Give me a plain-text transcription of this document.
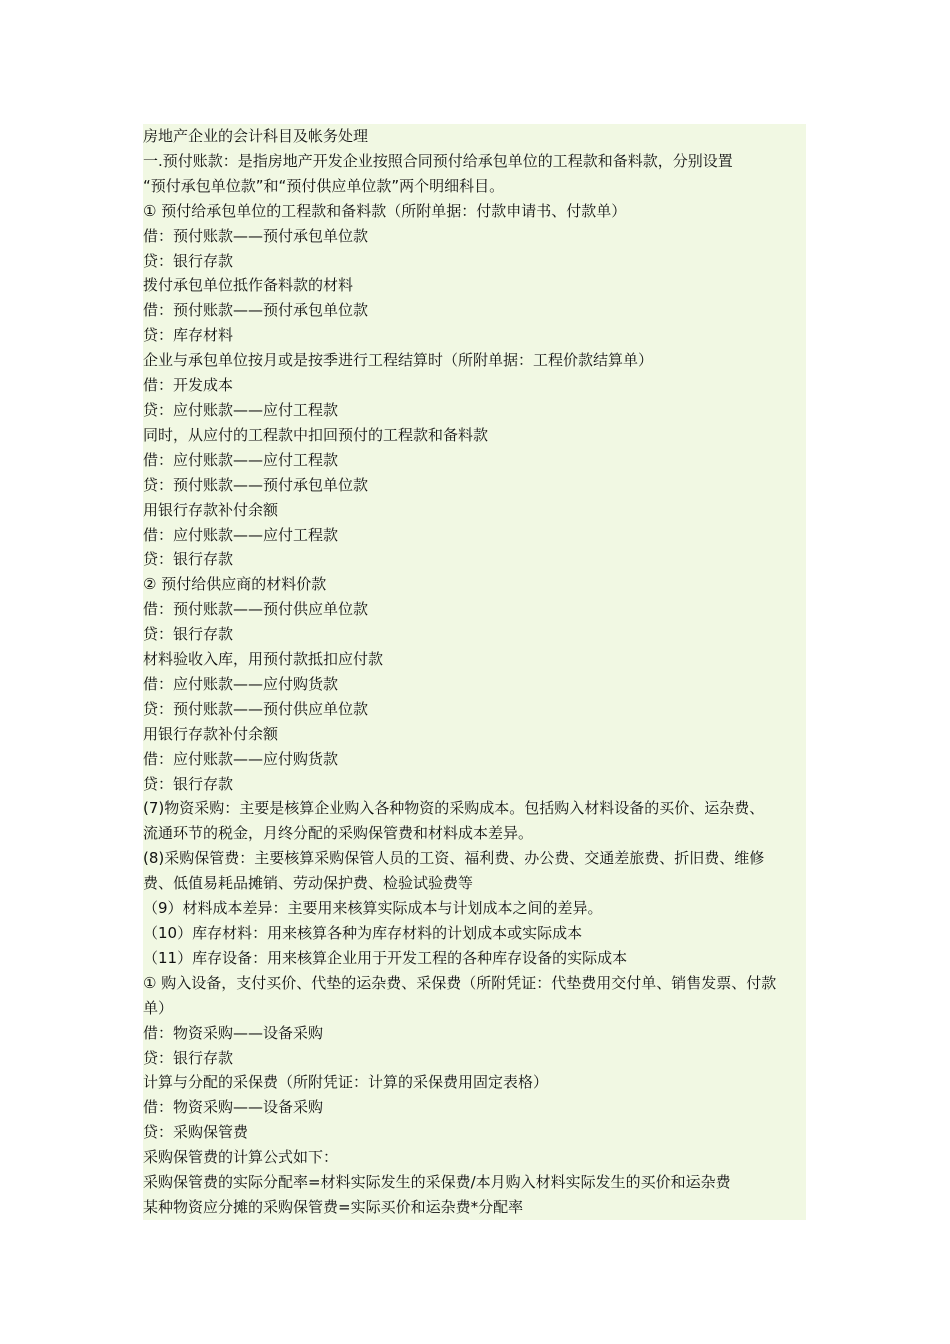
房地产企业的会计科目及帐务处理
一.预付账款：是指房地产开发企业按照合同预付给承包单位的工程款和备料款，分别设置
“预付承包单位款”和“预付供应单位款”两个明细科目。
① 预付给承包单位的工程款和备料款（所附单据：付款申请书、付款单）
借：预付账款——预付承包单位款
贷：银行存款
拨付承包单位抵作备料款的材料
借：预付账款——预付承包单位款
贷：库存材料
企业与承包单位按月或是按季进行工程结算时（所附单据：工程价款结算单）
借：开发成本
贷：应付账款——应付工程款
同时，从应付的工程款中扣回预付的工程款和备料款
借：应付账款——应付工程款
贷：预付账款——预付承包单位款
用银行存款补付余额
借：应付账款——应付工程款
贷：银行存款
② 预付给供应商的材料价款
借：预付账款——预付供应单位款
贷：银行存款
材料验收入库，用预付款抵扣应付款
借：应付账款——应付购货款
贷：预付账款——预付供应单位款
用银行存款补付余额
借：应付账款——应付购货款
贷：银行存款
(7)物资采购：主要是核算企业购入各种物资的采购成本。包括购入材料设备的买价、运杂费、
流通环节的税金，月终分配的采购保管费和材料成本差异。
(8)采购保管费：主要核算采购保管人员的工资、福利费、办公费、交通差旅费、折旧费、维修
费、低值易耗品摊销、劳动保护费、检验试验费等
（9）材料成本差异：主要用来核算实际成本与计划成本之间的差异。
（10）库存材料：用来核算各种为库存材料的计划成本或实际成本
（11）库存设备：用来核算企业用于开发工程的各种库存设备的实际成本
① 购入设备，支付买价、代垫的运杂费、采保费（所附凭证：代垫费用交付单、销售发票、付款
单）
借：物资采购——设备采购
贷：银行存款
计算与分配的采保费（所附凭证：计算的采保费用固定表格）
借：物资采购——设备采购
贷：采购保管费
采购保管费的计算公式如下：
采购保管费的实际分配率=材料实际发生的采保费/本月购入材料实际发生的买价和运杂费
某种物资应分摊的采购保管费=实际买价和运杂费*分配率
